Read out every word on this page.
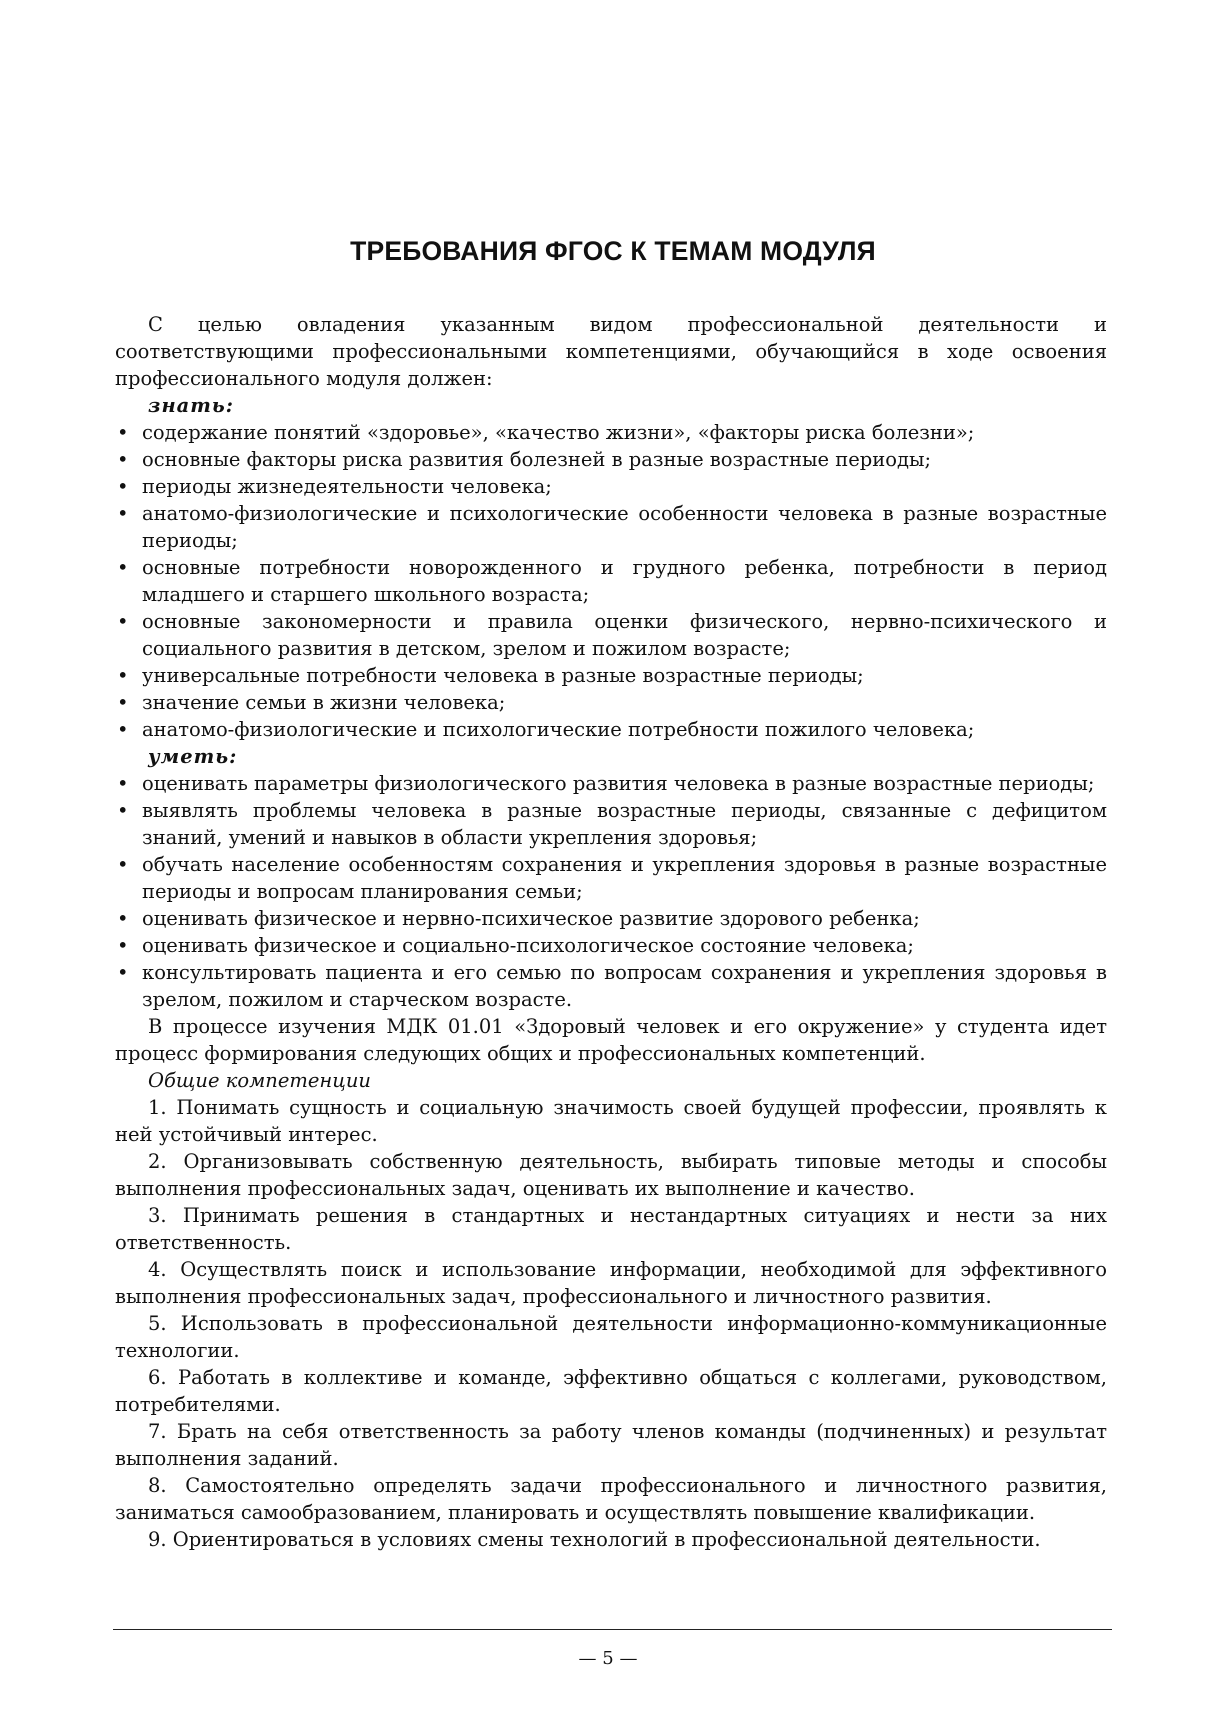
ТРЕБОВАНИЯ ФГОС К ТЕМАМ МОДУЛЯ

С целью овладения указанным видом профессиональной деятельности и соответствующими профессиональными компетенциями, обучающийся в ходе освоения профессионального модуля должен:

знать:

• содержание понятий «здоровье», «качество жизни», «факторы риска болезни»;
• основные факторы риска развития болезней в разные возрастные периоды;
• периоды жизнедеятельности человека;
• анатомо-физиологические и психологические особенности человека в разные возрастные периоды;
• основные потребности новорожденного и грудного ребенка, потребности в период младшего и старшего школьного возраста;
• основные закономерности и правила оценки физического, нервно-психического и социального развития в детском, зрелом и пожилом возрасте;
• универсальные потребности человека в разные возрастные периоды;
• значение семьи в жизни человека;
• анатомо-физиологические и психологические потребности пожилого человека;

уметь:

• оценивать параметры физиологического развития человека в разные возрастные периоды;
• выявлять проблемы человека в разные возрастные периоды, связанные с дефицитом знаний, умений и навыков в области укрепления здоровья;
• обучать население особенностям сохранения и укрепления здоровья в разные возрастные периоды и вопросам планирования семьи;
• оценивать физическое и нервно-психическое развитие здорового ребенка;
• оценивать физическое и социально-психологическое состояние человека;
• консультировать пациента и его семью по вопросам сохранения и укрепления здоровья в зрелом, пожилом и старческом возрасте.

В процессе изучения МДК 01.01 «Здоровый человек и его окружение» у студента идет процесс формирования следующих общих и профессиональных компетенций.

Общие компетенции

1. Понимать сущность и социальную значимость своей будущей профессии, проявлять к ней устойчивый интерес.

2. Организовывать собственную деятельность, выбирать типовые методы и способы выполнения профессиональных задач, оценивать их выполнение и качество.

3. Принимать решения в стандартных и нестандартных ситуациях и нести за них ответственность.

4. Осуществлять поиск и использование информации, необходимой для эффективного выполнения профессиональных задач, профессионального и личностного развития.

5. Использовать в профессиональной деятельности информационно-коммуникационные технологии.

6. Работать в коллективе и команде, эффективно общаться с коллегами, руководством, потребителями.

7. Брать на себя ответственность за работу членов команды (подчиненных) и результат выполнения заданий.

8. Самостоятельно определять задачи профессионального и личностного развития, заниматься самообразованием, планировать и осуществлять повышение квалификации.

9. Ориентироваться в условиях смены технологий в профессиональной деятельности.

— 5 —
